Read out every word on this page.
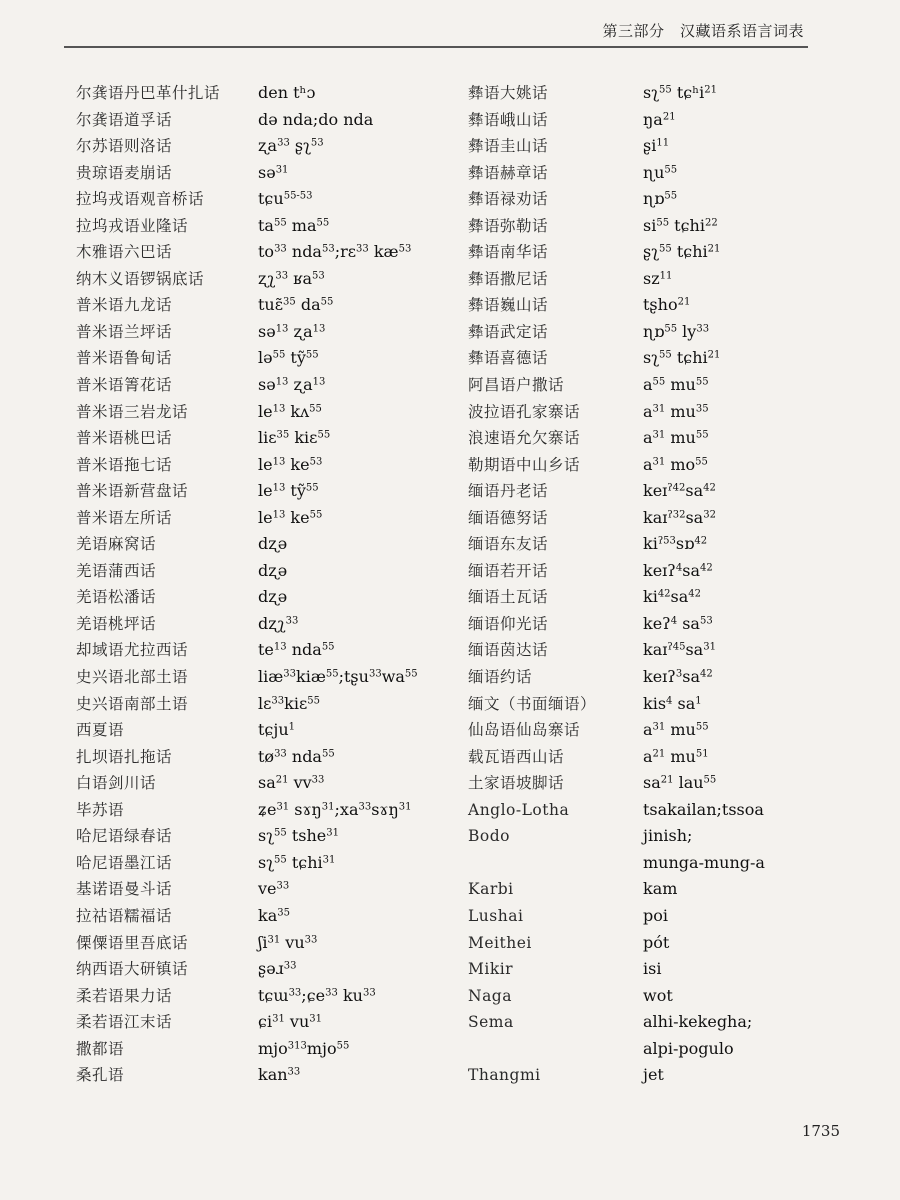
第三部分　汉藏语系语言词表
尔龚语丹巴革什扎话	den tʰɔ
尔龚语道孚话	də nda;do nda
尔苏语则洛话	ʐa$^{33}$ ʂʅ$^{53}$
贵琼语麦崩话	sə$^{31}$
拉坞戎语观音桥话	tɕu$^{55-53}$
拉坞戎语业隆话	$ta^{55}$ $ma^{55}$
木雅语六巴话	$to^{33}$ nda$^{53}$;rɛ$^{33}$ $kæ^{53}$
纳木义语锣锅底话	ʐʅ$^{33}$ ʁa$^{53}$
普米语九龙话	tuɛ̃$^{35}$ $da^{55}$
普米语兰坪话	sə$^{13}$ ʐa$^{13}$
普米语鲁甸话	lə$^{55}$ tỹ$^{55}$
普米语箐花话	sə$^{13}$ ʐa$^{13}$
普米语三岩龙话	$le^{13}$ kʌ$^{55}$
普米语桃巴话	liɛ$^{35}$ kiɛ$^{55}$
普米语拖七话	$le^{13}$ $ke^{53}$
普米语新营盘话	$le^{13}$ tỹ$^{55}$
普米语左所话	$le^{13}$ $ke^{55}$
羌语麻窝话	dʐə
羌语蒲西话	dʐə
羌语松潘话	dʐə
羌语桃坪话	dʐʅ$^{33}$
却域语尤拉西话	$te^{13}$ nda$^{55}$
史兴语北部土语	$liæ^{33}kiæ^{55};tʂu^{33}wa^{55}$
史兴语南部土语	lɛ$^{33}$kiɛ$^{55}$
西夏语	tɕju$^1$
扎坝语扎拖话	$tø^{33}$ nda$^{55}$
白语剑川话	$sa^{21}$ $vv^{33}$
毕苏语	ʑe$^{31}$ $sɤŋ^{31};xa^{33}sɤŋ^{31}$
哈尼语绿春话	sʅ$^{55}$ tshe$^{31}$
哈尼语墨江话	sʅ$^{55}$ tɕhi$^{31}$
基诺语曼斗话	$ve^{33}$
拉祜语糯福话	$ka^{35}$
傈僳语里吾底话	ʃi$^{31}$ $vu^{33}$
纳西语大研镇话	ʂəɹ$^{33}$
柔若语果力话	tɕɯ$^{33}$;ɕe$^{33}$ $ku^{33}$
柔若语江末话	ɕi$^{31}$ $vu^{31}$
撒都语	mjo$^{313}$mjo$^{55}$
桑孔语	kan$^{33}$
彝语大姚话	sʅ$^{55}$ tɕʰi$^{21}$
彝语峨山话	$ŋa^{21}$
彝语圭山话	ʂi$^{11}$
彝语赫章话	ɳu$^{55}$
彝语禄劝话	ɳɒ$^{55}$
彝语弥勒话	$si^{55}$ tɕhi$^{22}$
彝语南华话	ʂʅ$^{55}$ tɕhi$^{21}$
彝语撒尼话	$sz^{11}$
彝语巍山话	tʂho$^{21}$
彝语武定话	ɳɒ$^{55}$ $ly^{33}$
彝语喜德话	sʅ$^{55}$ tɕhi$^{21}$
阿昌语户撒话	$a^{55}$ $mu^{55}$
波拉语孔家寨话	$a^{31}$ $mu^{35}$
浪速语允欠寨话	$a^{31}$ $mu^{55}$
勒期语中山乡话	$a^{31}$ $mo^{55}$
缅语丹老话	$keɪ^{ʔ42}sa^{42}$
缅语德努话	$kaɪ^{ʔ32}sa^{32}$
缅语东友话	$ki^{ʔ53}sɒ^{42}$
缅语若开话	$keɪʔ^4sa^{42}$
缅语土瓦话	$ki^{42}sa^{42}$
缅语仰光话	keʔ$^4$ $sa^{53}$
缅语茵达话	$kaɪ^{ʔ45}sa^{31}$
缅语约话	$keɪʔ^3sa^{42}$
缅文（书面缅语）	kis$^4$ $sa^1$
仙岛语仙岛寨话	$a^{31}$ $mu^{55}$
载瓦语西山话	$a^{21}$ $mu^{51}$
土家语坡脚话	$sa^{21}$ lau$^{55}$
Anglo-Lotha	tsakailan;tssoa
Bodo	jinish;
munga-mung-a
Karbi	kam
Lushai	poi
Meithei	pót
Mikir	isi
Naga	wot
Sema	alhi-kekegha;
alpi-pogulo
Thangmi	jet
1735
